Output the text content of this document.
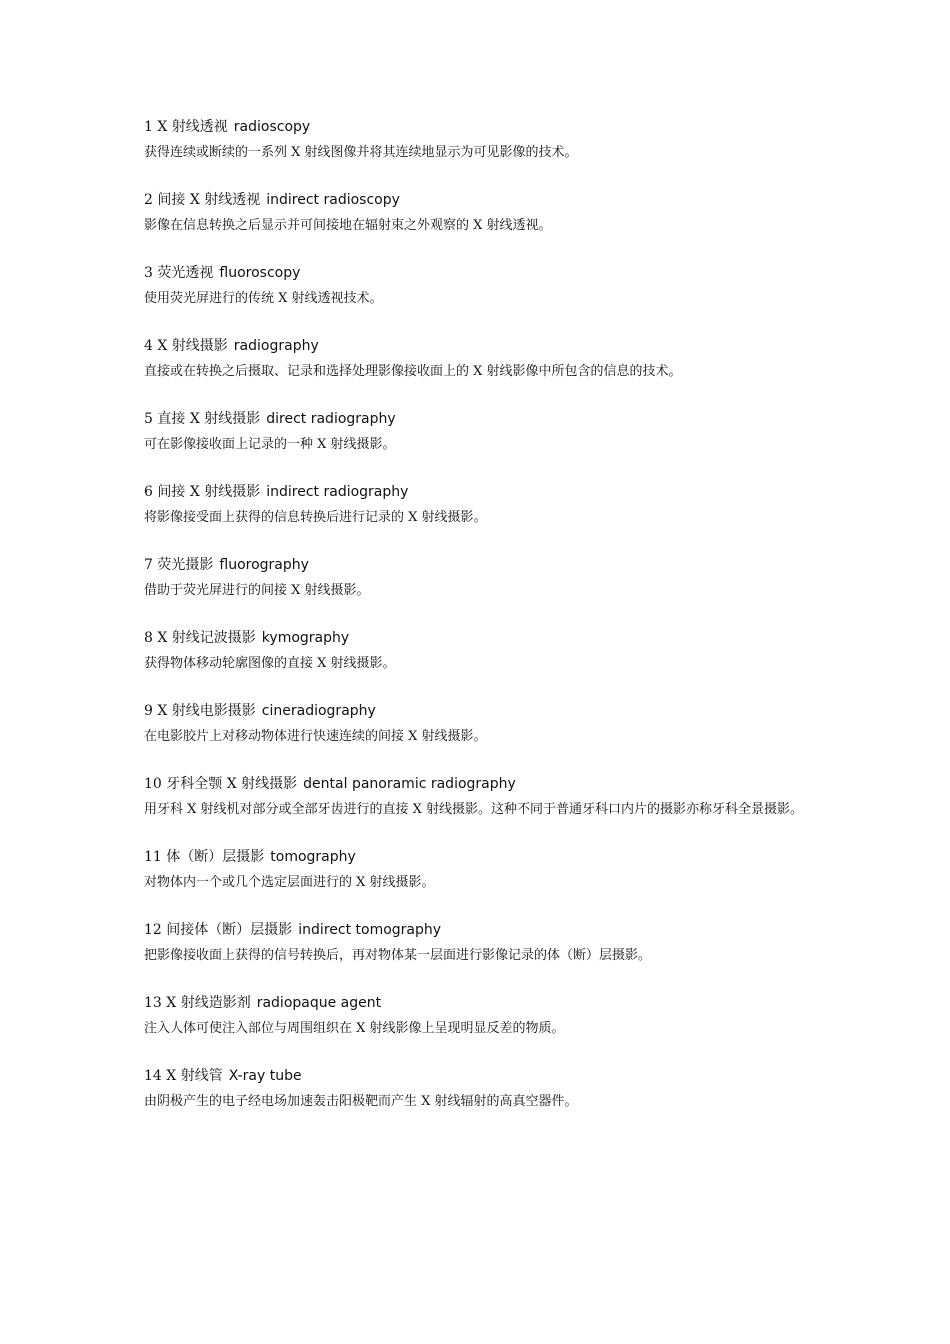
1 X 射线透视 radioscopy

获得连续或断续的一系列 X 射线图像并将其连续地显示为可见影像的技术。

2 间接 X 射线透视 indirect radioscopy

影像在信息转换之后显示并可间接地在辐射束之外观察的 X 射线透视。

3 荧光透视 fluoroscopy

使用荧光屏进行的传统 X 射线透视技术。

4 X 射线摄影 radiography

直接或在转换之后摄取、记录和选择处理影像接收面上的 X 射线影像中所包含的信息的技术。

5 直接 X 射线摄影 direct radiography

可在影像接收面上记录的一种 X 射线摄影。

6 间接 X 射线摄影 indirect radiography

将影像接受面上获得的信息转换后进行记录的 X 射线摄影。

7 荧光摄影 fluorography

借助于荧光屏进行的间接 X 射线摄影。

8 X 射线记波摄影 kymography

获得物体移动轮廓图像的直接 X 射线摄影。

9 X 射线电影摄影 cineradiography

在电影胶片上对移动物体进行快速连续的间接 X 射线摄影。

10 牙科全颚 X 射线摄影 dental panoramic radiography

用牙科 X 射线机对部分或全部牙齿进行的直接 X 射线摄影。这种不同于普通牙科口内片的摄影亦称牙科全景摄影。

11 体（断）层摄影 tomography

对物体内一个或几个选定层面进行的 X 射线摄影。

12 间接体（断）层摄影 indirect tomography

把影像接收面上获得的信号转换后，再对物体某一层面进行影像记录的体（断）层摄影。

13 X 射线造影剂 radiopaque agent

注入人体可使注入部位与周围组织在 X 射线影像上呈现明显反差的物质。

14 X 射线管 X-ray tube

由阴极产生的电子经电场加速轰击阳极靶而产生 X 射线辐射的高真空器件。
